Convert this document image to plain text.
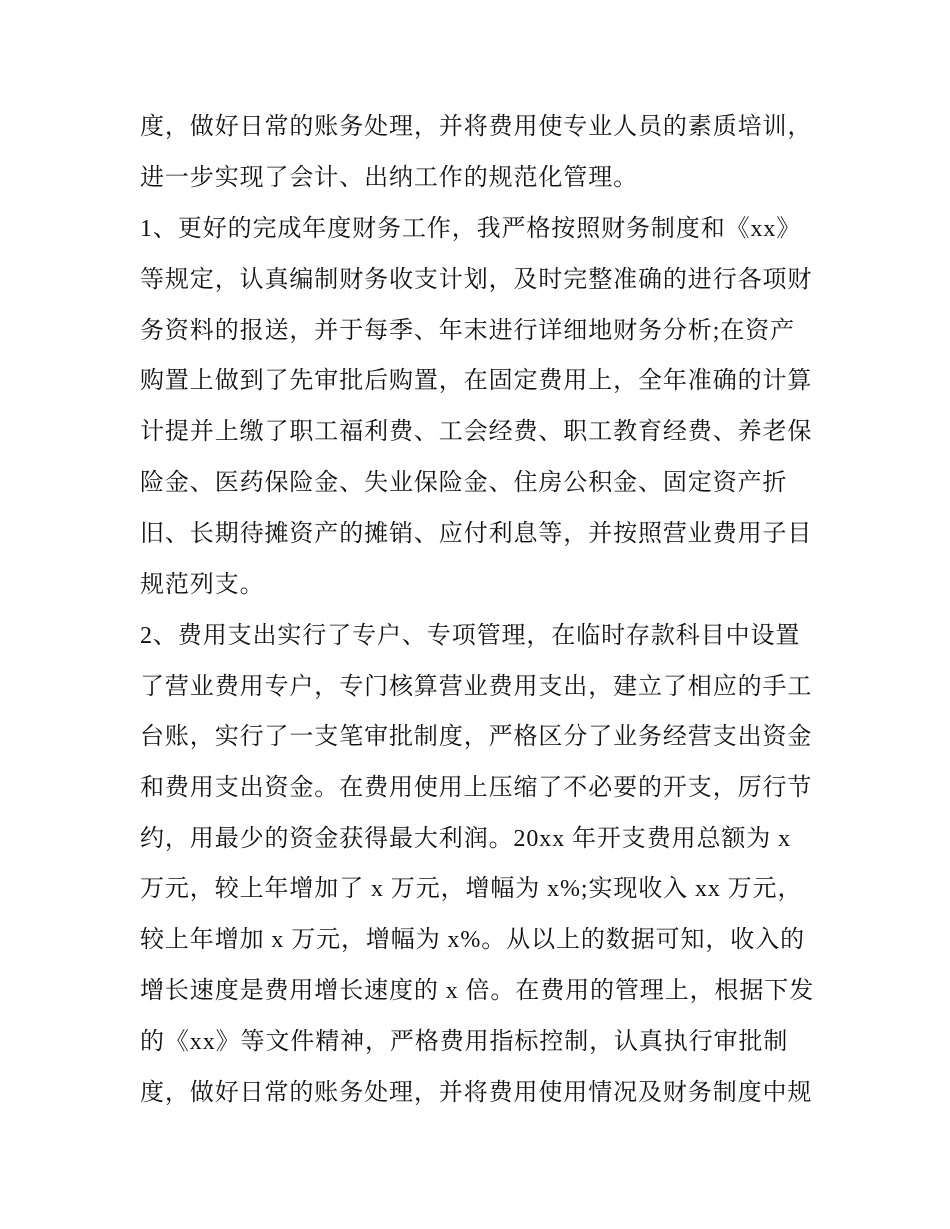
度，做好日常的账务处理，并将费用使专业人员的素质培训，
进一步实现了会计、出纳工作的规范化管理。
1、更好的完成年度财务工作，我严格按照财务制度和《xx》
等规定，认真编制财务收支计划，及时完整准确的进行各项财
务资料的报送，并于每季、年末进行详细地财务分析;在资产
购置上做到了先审批后购置，在固定费用上，全年准确的计算
计提并上缴了职工福利费、工会经费、职工教育经费、养老保
险金、医药保险金、失业保险金、住房公积金、固定资产折
旧、长期待摊资产的摊销、应付利息等，并按照营业费用子目
规范列支。
2、费用支出实行了专户、专项管理，在临时存款科目中设置
了营业费用专户，专门核算营业费用支出，建立了相应的手工
台账，实行了一支笔审批制度，严格区分了业务经营支出资金
和费用支出资金。在费用使用上压缩了不必要的开支，厉行节
约，用最少的资金获得最大利润。20xx 年开支费用总额为 x
万元，较上年增加了 x 万元，增幅为 x%;实现收入 xx 万元，
较上年增加 x 万元，增幅为 x%。从以上的数据可知，收入的
增长速度是费用增长速度的 x 倍。在费用的管理上，根据下发
的《xx》等文件精神，严格费用指标控制，认真执行审批制
度，做好日常的账务处理，并将费用使用情况及财务制度中规
